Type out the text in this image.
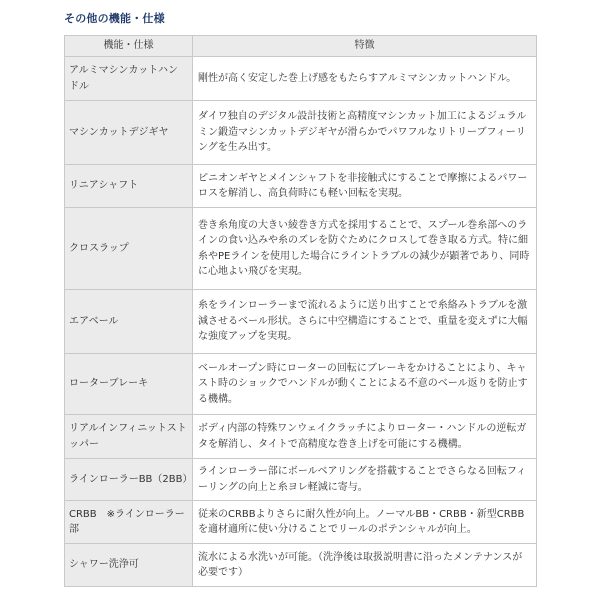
その他の機能・仕様
機能・仕様	特徴
アルミマシンカットハンドル	剛性が高く安定した巻上げ感をもたらすアルミマシンカットハンドル。
マシンカットデジギヤ	ダイワ独自のデジタル設計技術と高精度マシンカット加工によるジュラルミン鍛造マシンカットデジギヤが滑らかでパワフルなリトリーブフィーリングを生み出す。
リニアシャフト	ピニオンギヤとメインシャフトを非接触式にすることで摩擦によるパワーロスを解消し、高負荷時にも軽い回転を実現。
クロスラップ	巻き糸角度の大きい綾巻き方式を採用することで、スプール巻糸部へのラインの食い込みや糸のズレを防ぐためにクロスして巻き取る方式。特に細糸やPEラインを使用した場合にライントラブルの減少が顕著であり、同時に心地よい飛びを実現。
エアベール	糸をラインローラーまで流れるように送り出すことで糸絡みトラブルを激減させるベール形状。さらに中空構造にすることで、重量を変えずに大幅な強度アップを実現。
ローターブレーキ	ベールオープン時にローターの回転にブレーキをかけることにより、キャスト時のショックでハンドルが動くことによる不意のベール返りを防止する機構。
リアルインフィニットストッパー	ボディ内部の特殊ワンウェイクラッチによりローター・ハンドルの逆転ガタを解消し、タイトで高精度な巻き上げを可能にする機構。
ラインローラーBB（2BB）	ラインローラー部にボールベアリングを搭載することでさらなる回転フィーリングの向上と糸ヨレ軽減に寄与。
CRBB　※ラインローラー部	従来のCRBBよりさらに耐久性が向上。ノーマルBB・CRBB・新型CRBBを適材適所に使い分けることでリールのポテンシャルが向上。
シャワー洗浄可	流水による水洗いが可能。（洗浄後は取扱説明書に沿ったメンテナンスが必要です）
